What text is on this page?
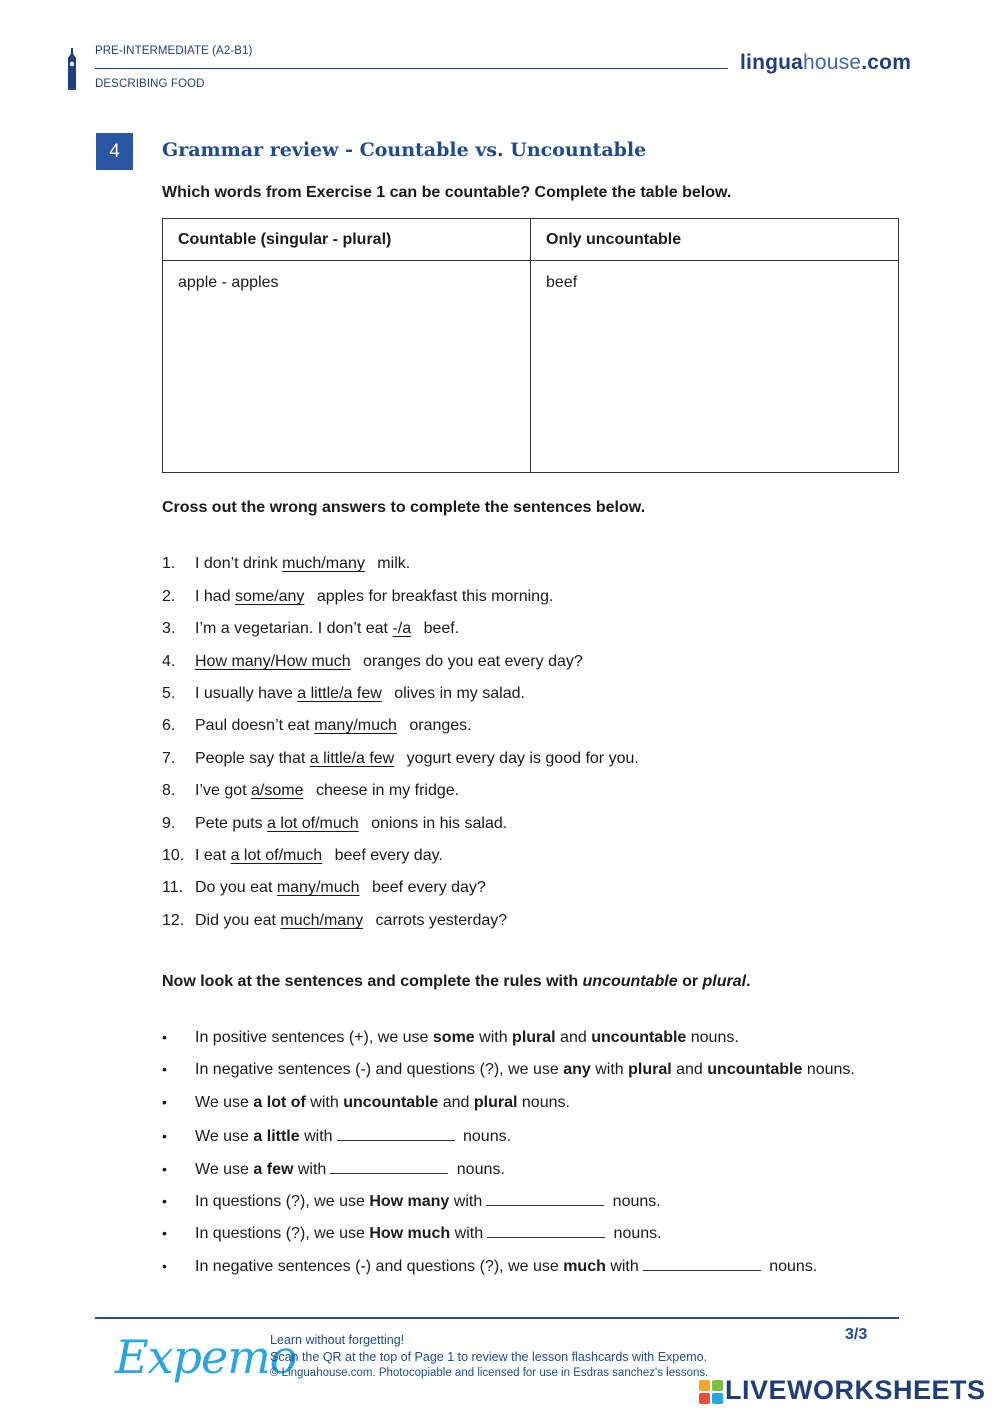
PRE-INTERMEDIATE (A2-B1)
DESCRIBING FOOD
linguahouse.com
4	Grammar review - Countable vs. Uncountable
Which words from Exercise 1 can be countable? Complete the table below.
Countable (singular - plural)	Only uncountable
apple - apples	beef
Cross out the wrong answers to complete the sentences below.
1. I don’t drink much/many milk.
2. I had some/any apples for breakfast this morning.
3. I’m a vegetarian. I don’t eat -/a beef.
4. How many/How much oranges do you eat every day?
5. I usually have a little/a few olives in my salad.
6. Paul doesn’t eat many/much oranges.
7. People say that a little/a few yogurt every day is good for you.
8. I’ve got a/some cheese in my fridge.
9. Pete puts a lot of/much onions in his salad.
10. I eat a lot of/much beef every day.
11. Do you eat many/much beef every day?
12. Did you eat much/many carrots yesterday?
Now look at the sentences and complete the rules with uncountable or plural.
• In positive sentences (+), we use some with plural and uncountable nouns.
• In negative sentences (-) and questions (?), we use any with plural and uncountable nouns.
• We use a lot of with uncountable and plural nouns.
• We use a little with	nouns.
• We use a few with	nouns.
• In questions (?), we use How many with	nouns.
• In questions (?), we use How much with	nouns.
• In negative sentences (-) and questions (?), we use much with	nouns.
Expemo
Learn without forgetting!
Scan the QR at the top of Page 1 to review the lesson flashcards with Expemo.
© Linguahouse.com. Photocopiable and licensed for use in Esdras sanchez's lessons.
3/3
LIVEWORKSHEETS
